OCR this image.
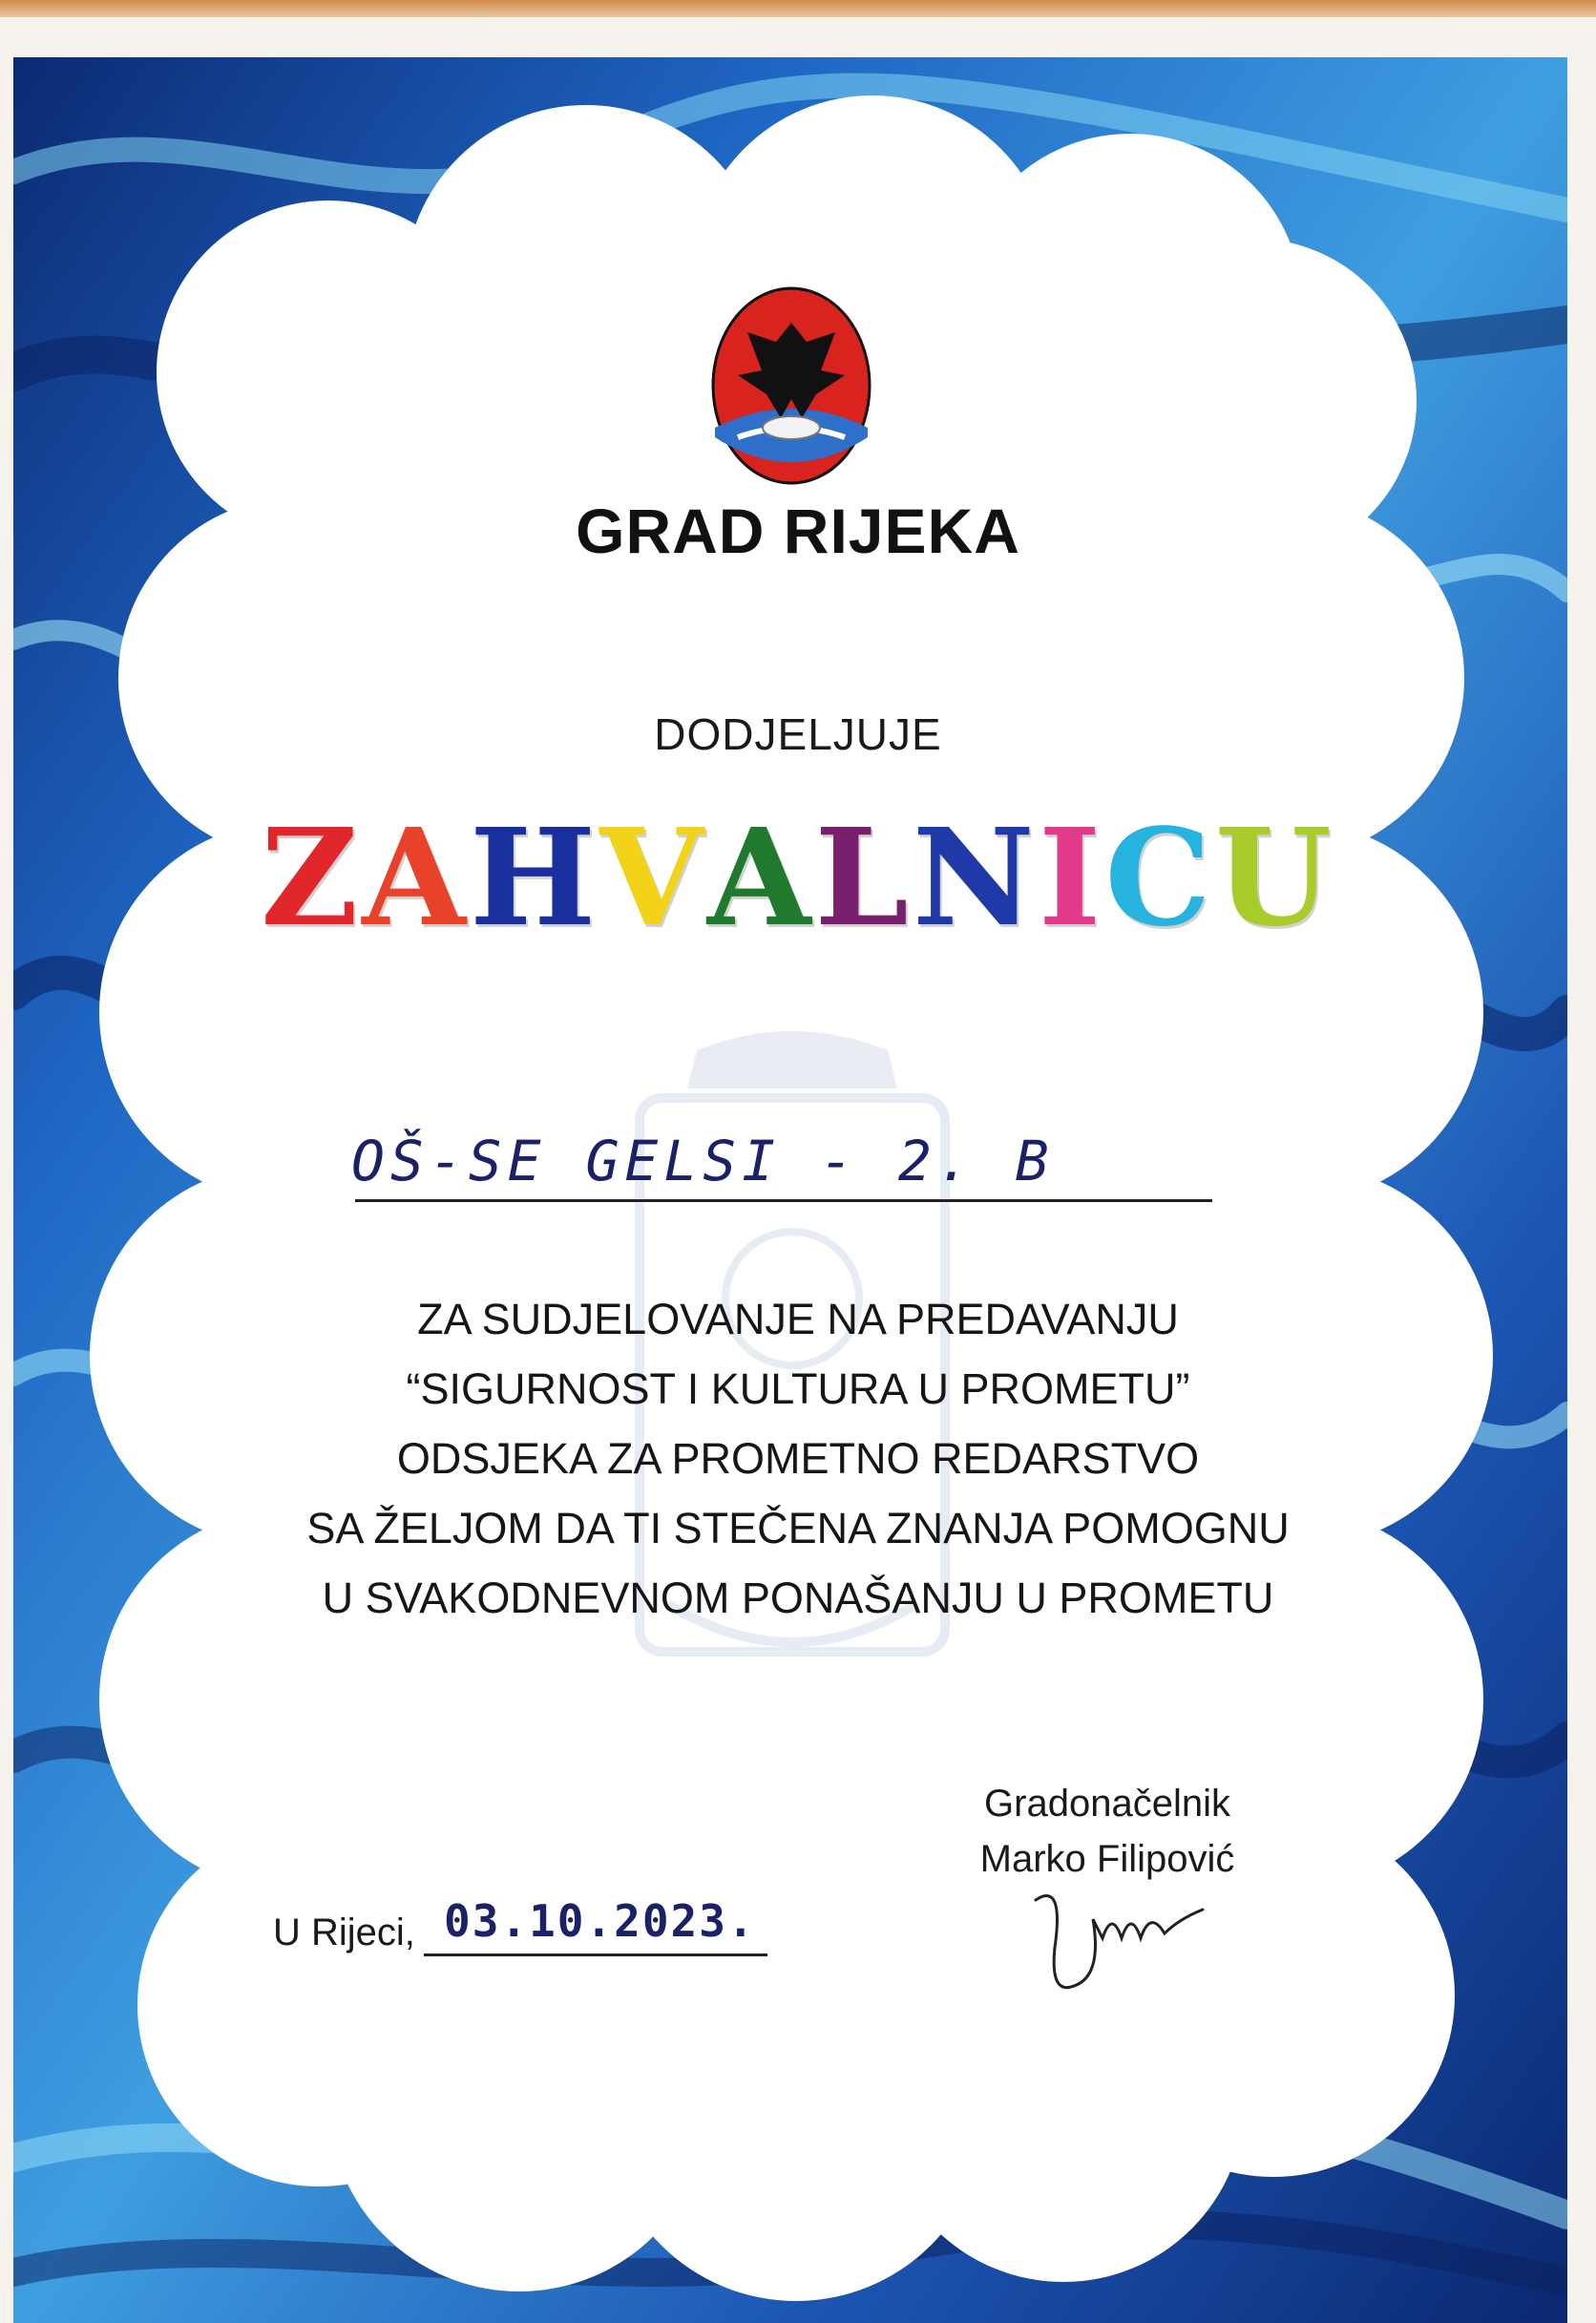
GRAD RIJEKA
DODJELJUJE
ZAHVALNICU
OŠ-SE GELSI - 2. B
ZA SUDJELOVANJE NA PREDAVANJU
“SIGURNOST I KULTURA U PROMETU”
ODSJEKA ZA PROMETNO REDARSTVO
SA ŽELJOM DA TI STEČENA ZNANJA POMOGNU
U SVAKODNEVNOM PONAŠANJU U PROMETU
Gradonačelnik
Marko Filipović
U Rijeci, 03.10.2023.
